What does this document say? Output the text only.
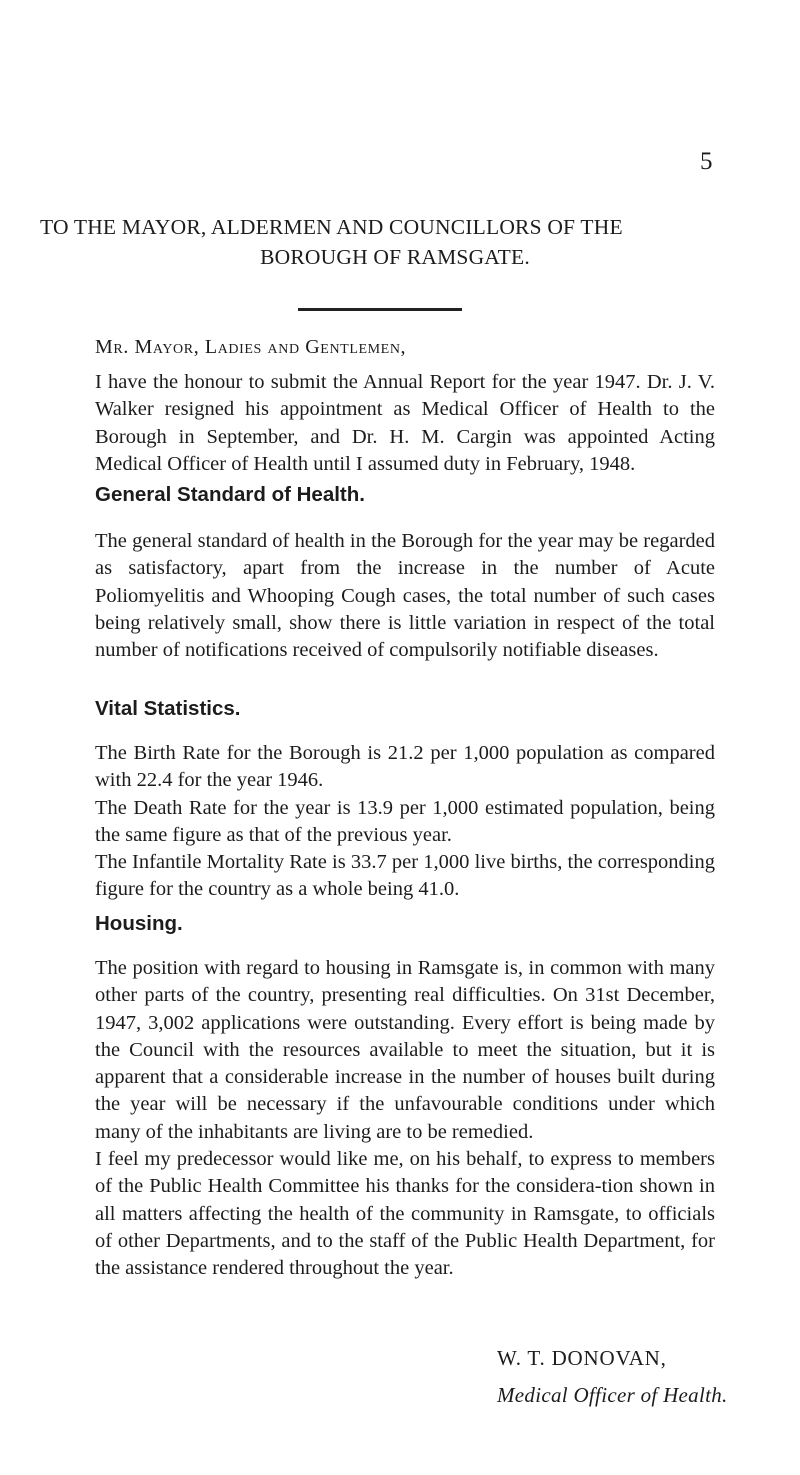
5
TO THE MAYOR, ALDERMEN AND COUNCILLORS OF THE
BOROUGH OF RAMSGATE.
Mr. Mayor, Ladies and Gentlemen,

I have the honour to submit the Annual Report for the year 1947. Dr. J. V. Walker resigned his appointment as Medical Officer of Health to the Borough in September, and Dr. H. M. Cargin was appointed Acting Medical Officer of Health until I assumed duty in February, 1948.

General Standard of Health.

The general standard of health in the Borough for the year may be regarded as satisfactory, apart from the increase in the number of Acute Poliomyelitis and Whooping Cough cases, the total number of such cases being relatively small, show there is little variation in respect of the total number of notifications received of compulsorily notifiable diseases.

Vital Statistics.

The Birth Rate for the Borough is 21.2 per 1,000 population as compared with 22.4 for the year 1946.

The Death Rate for the year is 13.9 per 1,000 estimated population, being the same figure as that of the previous year.

The Infantile Mortality Rate is 33.7 per 1,000 live births, the corresponding figure for the country as a whole being 41.0.

Housing.

The position with regard to housing in Ramsgate is, in common with many other parts of the country, presenting real difficulties. On 31st December, 1947, 3,002 applications were outstanding. Every effort is being made by the Council with the resources available to meet the situation, but it is apparent that a considerable increase in the number of houses built during the year will be necessary if the unfavourable conditions under which many of the inhabitants are living are to be remedied.

I feel my predecessor would like me, on his behalf, to express to members of the Public Health Committee his thanks for the considera-tion shown in all matters affecting the health of the community in Ramsgate, to officials of other Departments, and to the staff of the Public Health Department, for the assistance rendered throughout the year.

W. T. DONOVAN,
Medical Officer of Health.
